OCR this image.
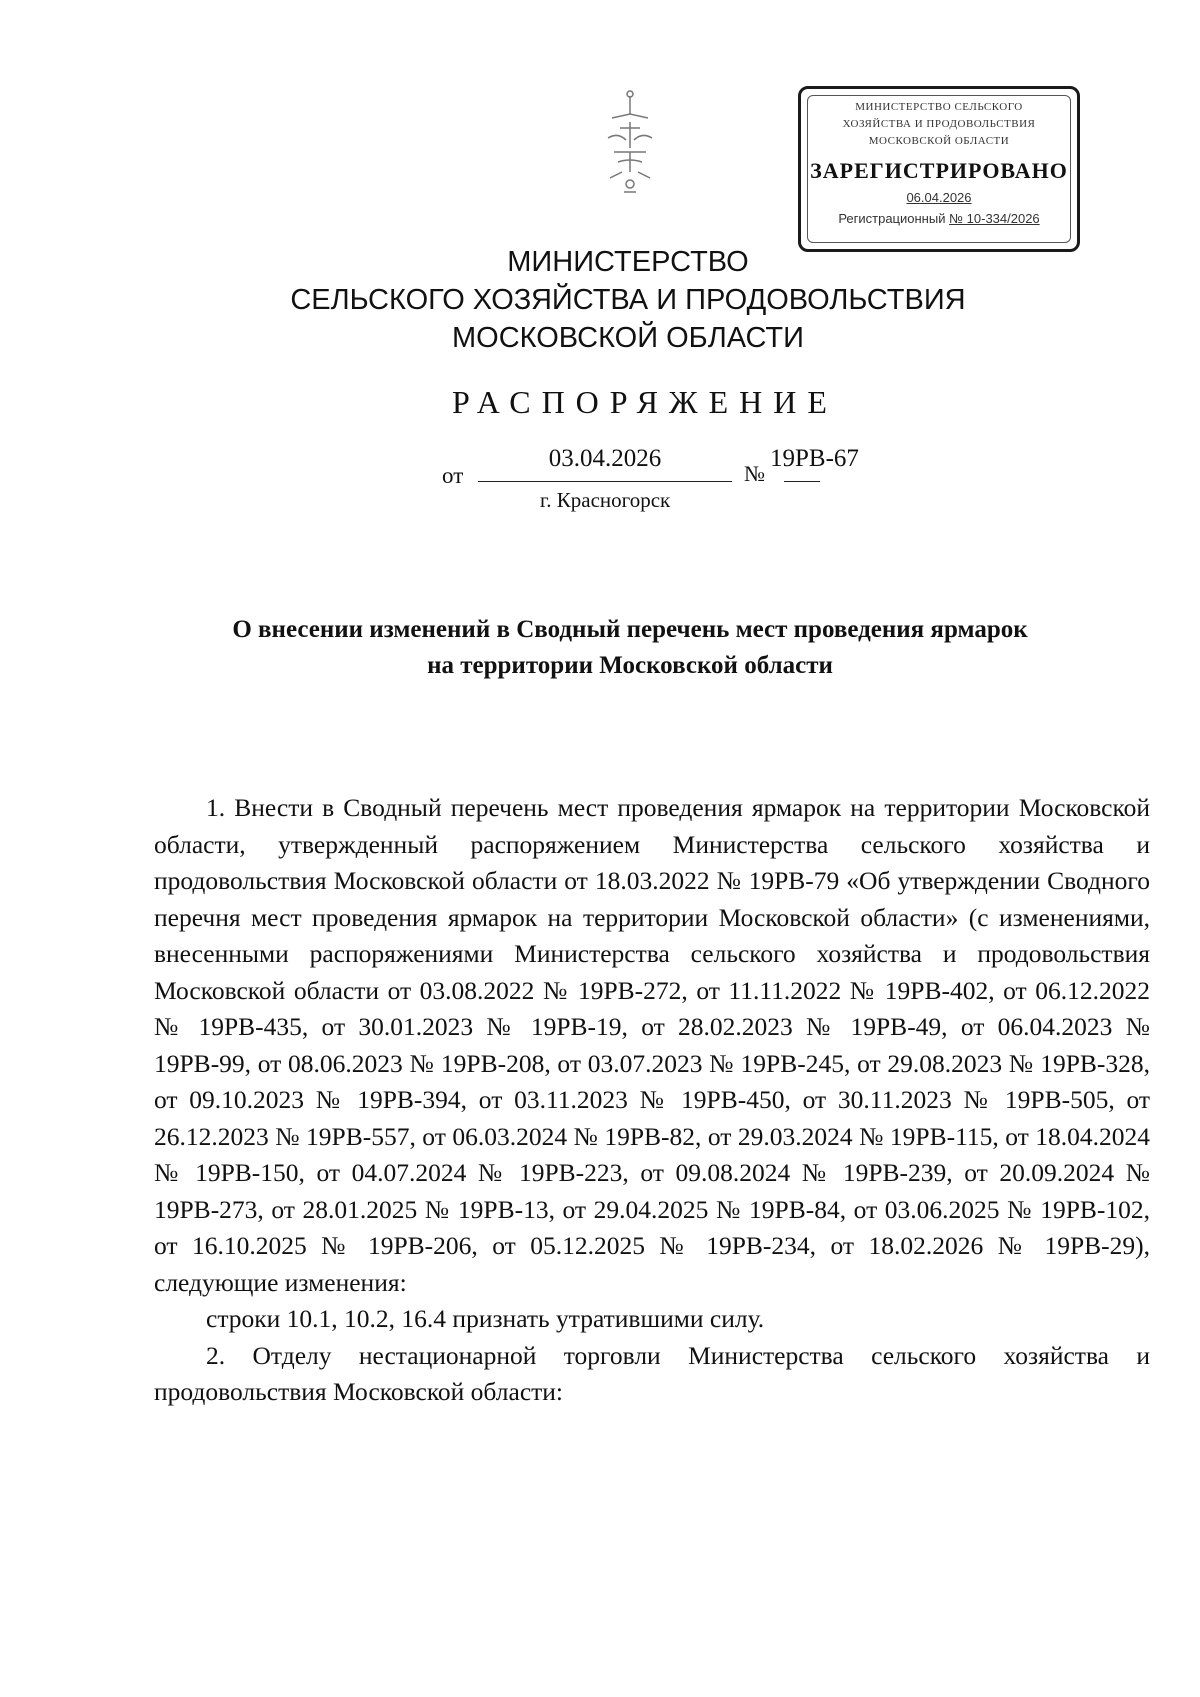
МИНИСТЕРСТВО СЕЛЬСКОГО
ХОЗЯЙСТВА И ПРОДОВОЛЬСТВИЯ
МОСКОВСКОЙ ОБЛАСТИ
ЗАРЕГИСТРИРОВАНО
06.04.2026
Регистрационный № 10-334/2026
МИНИСТЕРСТВО
СЕЛЬСКОГО ХОЗЯЙСТВА И ПРОДОВОЛЬСТВИЯ
МОСКОВСКОЙ ОБЛАСТИ
РАСПОРЯЖЕНИЕ
от
03.04.2026
№
19РВ-67
г. Красногорск
О внесении изменений в Сводный перечень мест проведения ярмарок
на территории Московской области

1. Внести в Сводный перечень мест проведения ярмарок на территории Московской области, утвержденный распоряжением Министерства сельского хозяйства и продовольствия Московской области от 18.03.2022 № 19РВ-79 «Об утверждении Сводного перечня мест проведения ярмарок на территории Московской области» (с изменениями, внесенными распоряжениями Министерства сельского хозяйства и продовольствия Московской области от 03.08.2022 № 19РВ-272, от 11.11.2022 № 19РВ-402, от 06.12.2022 № 19РВ-435, от 30.01.2023 № 19РВ-19, от 28.02.2023 № 19РВ-49, от 06.04.2023 № 19РВ-99, от 08.06.2023 № 19РВ-208, от 03.07.2023 № 19РВ-245, от 29.08.2023 № 19РВ-328, от 09.10.2023 № 19РВ-394, от 03.11.2023 № 19РВ-450, от 30.11.2023 № 19РВ-505, от 26.12.2023 № 19РВ-557, от 06.03.2024 № 19РВ-82, от 29.03.2024 № 19РВ-115, от 18.04.2024 № 19РВ-150, от 04.07.2024 № 19РВ-223, от 09.08.2024 № 19РВ-239, от 20.09.2024 № 19РВ-273, от 28.01.2025 № 19РВ-13, от 29.04.2025 № 19РВ-84, от 03.06.2025 № 19РВ-102, от 16.10.2025 № 19РВ-206, от 05.12.2025 № 19РВ-234, от 18.02.2026 № 19РВ-29), следующие изменения:

строки 10.1, 10.2, 16.4 признать утратившими силу.

2. Отделу нестационарной торговли Министерства сельского хозяйства и продовольствия Московской области:
